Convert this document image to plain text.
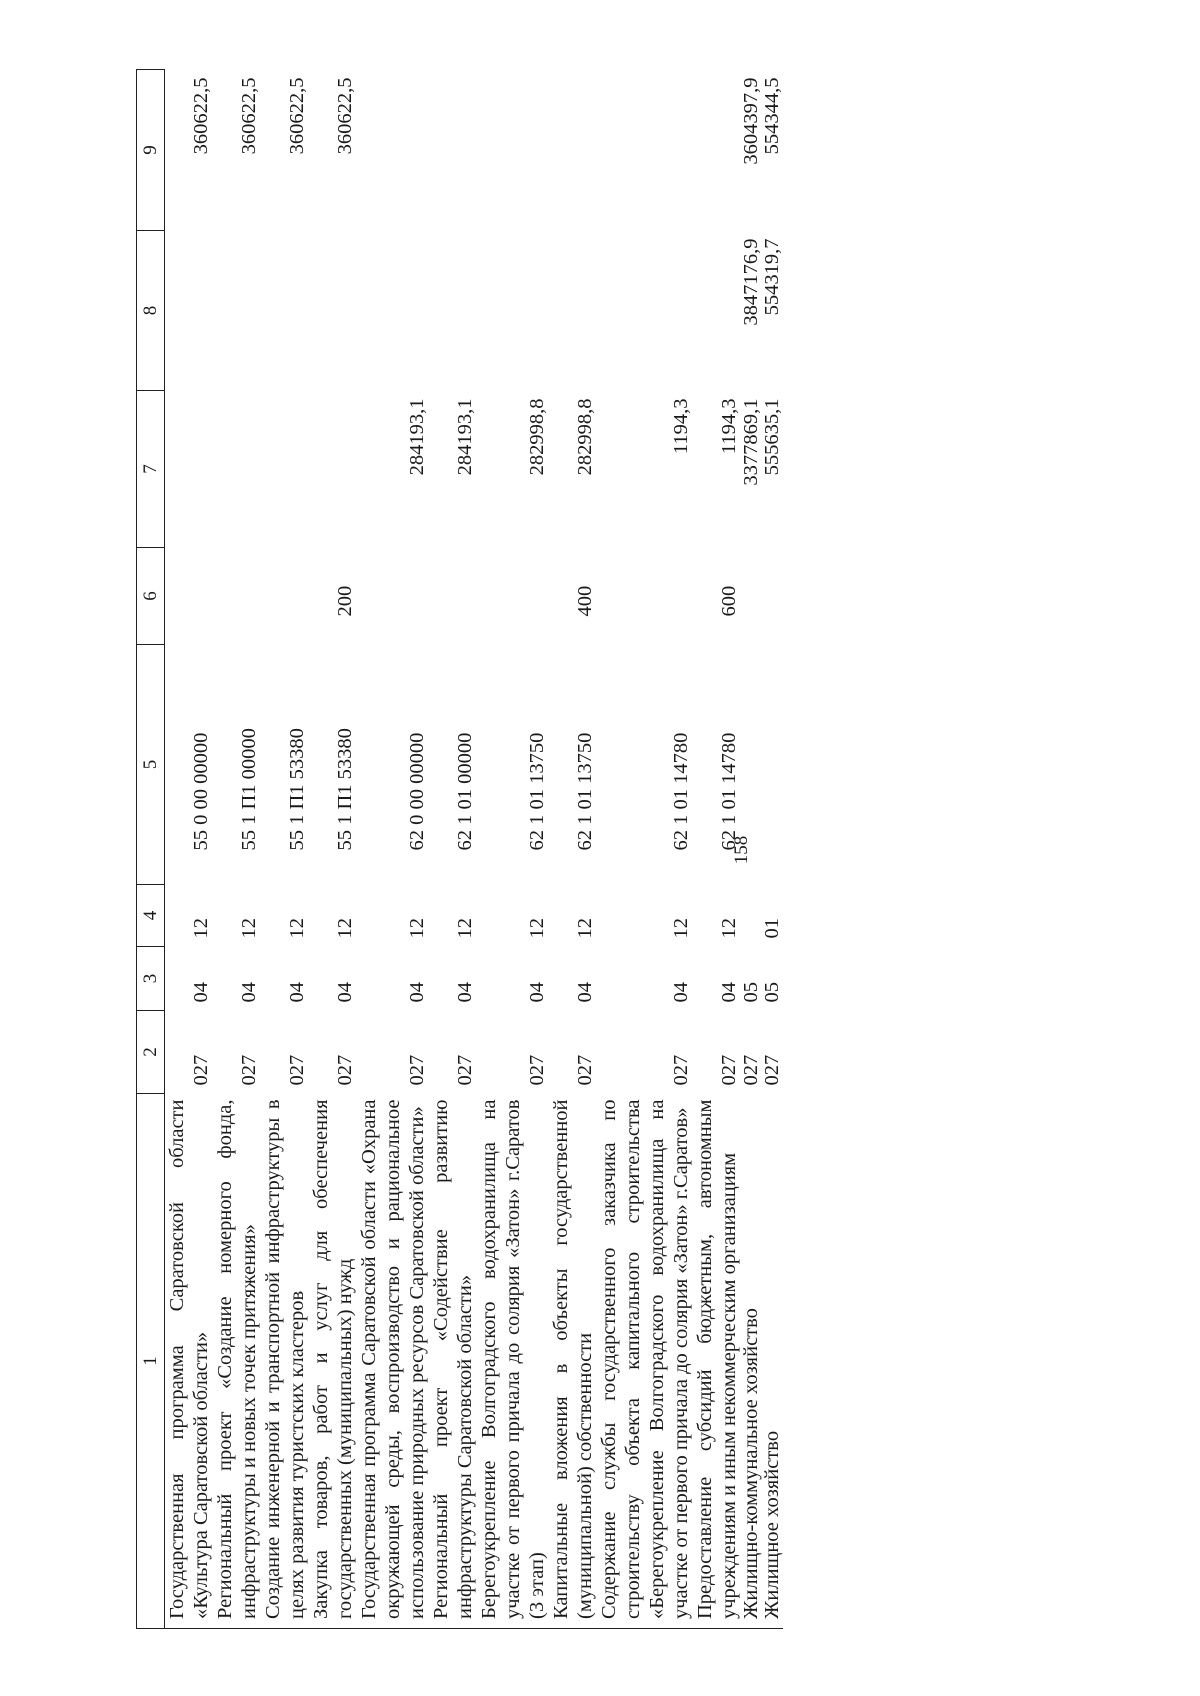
158
1	2	3	4	5	6	7	8	9
Государственная программа Саратовской области «Культура Саратовской области»	027	04	12	55 0 00 00000				360622,5
Региональный проект «Создание номерного фонда, инфраструктуры и новых точек притяжения»	027	04	12	55 1 П1 00000				360622,5
Создание инженерной и транспортной инфраструктуры в целях развития туристских кластеров	027	04	12	55 1 П1 53380				360622,5
Закупка товаров, работ и услуг для обеспечения государственных (муниципальных) нужд	027	04	12	55 1 П1 53380	200			360622,5
Государственная программа Саратовской области «Охрана окружающей среды, воспроизводство и рациональное использование природных ресурсов Саратовской области»	027	04	12	62 0 00 00000		284193,1		
Региональный проект «Содействие развитию инфраструктуры Саратовской области»	027	04	12	62 1 01 00000		284193,1		
Берегоукрепление Волгоградского водохранилища на участке от первого причала до солярия «Затон» г.Саратов (3 этап)	027	04	12	62 1 01 13750		282998,8		
Капитальные вложения в объекты государственной (муниципальной) собственности	027	04	12	62 1 01 13750	400	282998,8		
Содержание службы государственного заказчика по строительству объекта капитального строительства «Берегоукрепление Волгоградского водохранилища на участке от первого причала до солярия «Затон» г.Саратов»	027	04	12	62 1 01 14780		1194,3		
Предоставление субсидий бюджетным, автономным учреждениям и иным некоммерческим организациям	027	04	12	62 1 01 14780	600	1194,3		
Жилищно-коммунальное хозяйство	027	05				3377869,1	3847176,9	3604397,9
Жилищное хозяйство	027	05	01			555635,1	554319,7	554344,5
